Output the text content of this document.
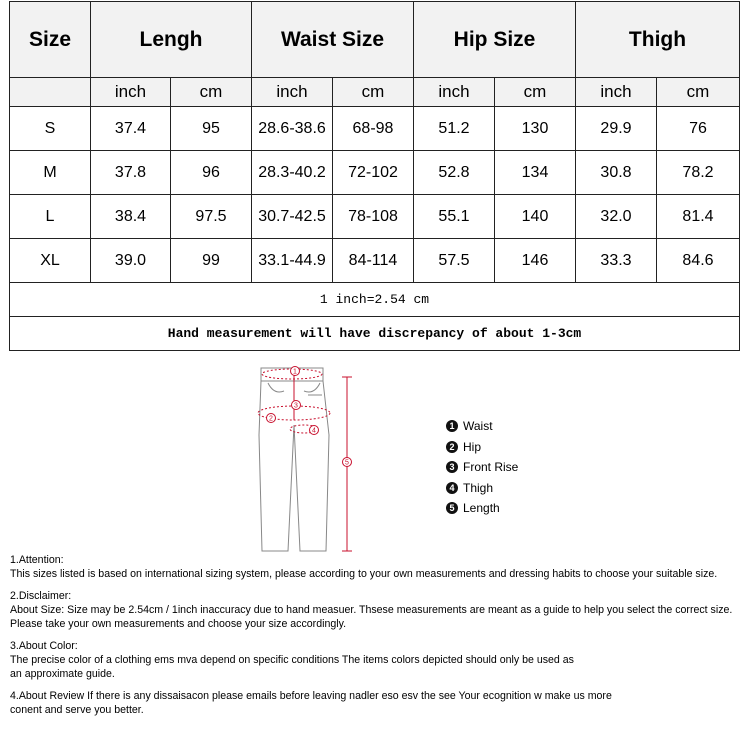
Size	Lengh		Waist Size		Hip Size		Thigh	
	inch	cm	inch	cm	inch	cm	inch	cm
S	37.4	95	28.6-38.6	68-98	51.2	130	29.9	76
M	37.8	96	28.3-40.2	72-102	52.8	134	30.8	78.2
L	38.4	97.5	30.7-42.5	78-108	55.1	140	32.0	81.4
XL	39.0	99	33.1-44.9	84-114	57.5	146	33.3	84.6
1 inch=2.54 cm								
Hand measurement will have discrepancy of about 1-3cm								
1
2
3
4
5
1 Waist
2 Hip
3 Front Rise
4 Thigh
5 Length

1.Attention:

This sizes listed is based on international sizing system, please according to your own measurements and dressing habits to choose your suitable size.

2.Disclaimer:

About Size: Size may be 2.54cm / 1inch inaccuracy due to hand measuer. Thsese measurements are meant as a guide to help you select the correct size.

Please take your own measurements and choose your size accordingly.

3.About Color:

The precise color of a clothing ems mva depend on specific conditions The items colors depicted should only be used as

an approximate guide.

4.About Review If there is any dissaisacon please emails before leaving nadler eso esv the see Your ecognition w make us more

conent and serve you better.
